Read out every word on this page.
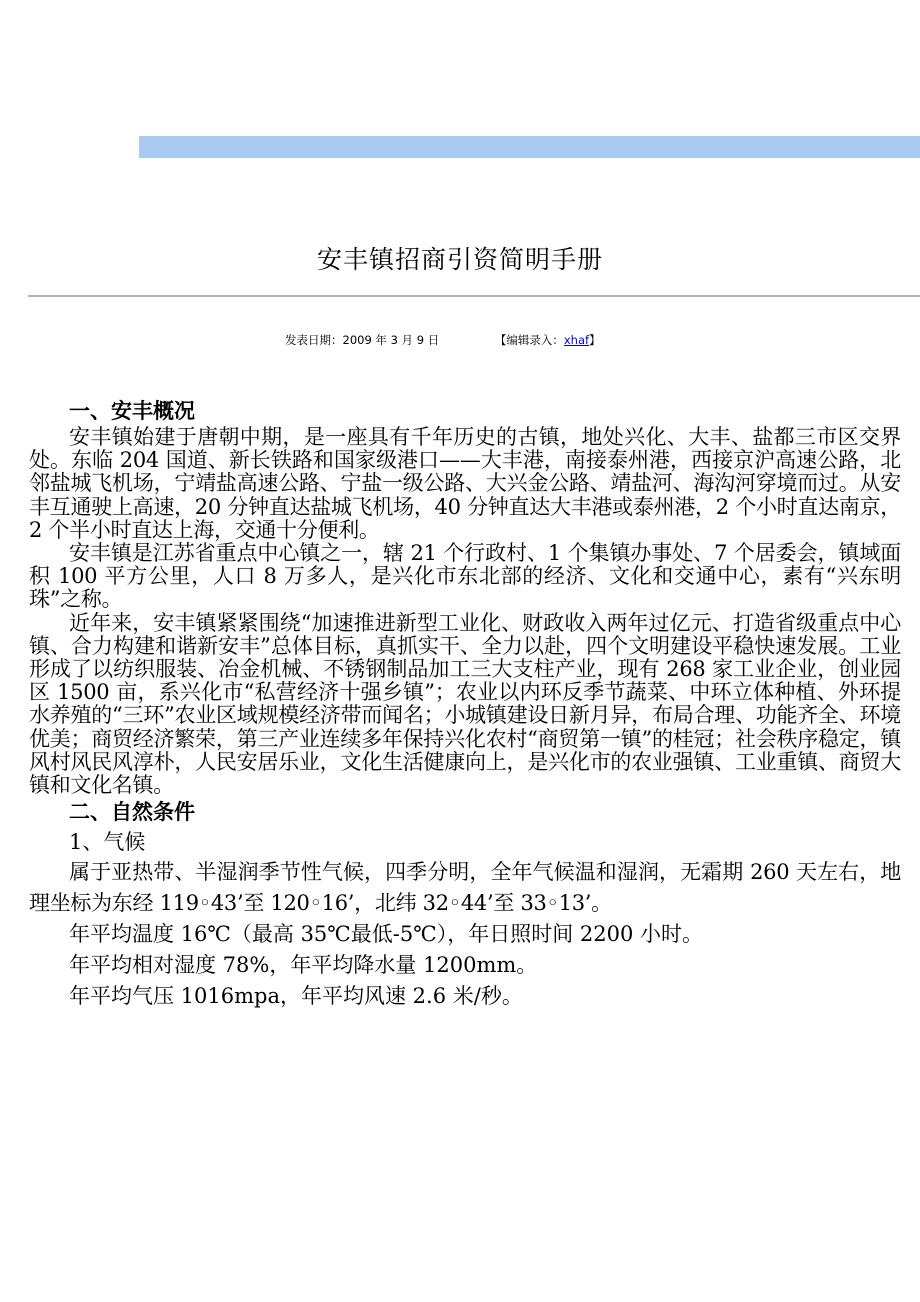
安丰镇招商引资简明手册
发表日期：2009 年 3 月 9 日	【编辑录入：xhaf】
一、安丰概况

安丰镇始建于唐朝中期，是一座具有千年历史的古镇，地处兴化、大丰、盐都三市区交界处。东临 204 国道、新长铁路和国家级港口——大丰港，南接泰州港，西接京沪高速公路，北邻盐城飞机场，宁靖盐高速公路、宁盐一级公路、大兴金公路、靖盐河、海沟河穿境而过。从安丰互通驶上高速，20 分钟直达盐城飞机场，40 分钟直达大丰港或泰州港，2 个小时直达南京，2 个半小时直达上海，交通十分便利。

安丰镇是江苏省重点中心镇之一，辖 21 个行政村、1 个集镇办事处、7 个居委会，镇域面积 100 平方公里，人口 8 万多人，是兴化市东北部的经济、文化和交通中心，素有“兴东明珠”之称。

近年来，安丰镇紧紧围绕“加速推进新型工业化、财政收入两年过亿元、打造省级重点中心镇、合力构建和谐新安丰”总体目标，真抓实干、全力以赴，四个文明建设平稳快速发展。工业形成了以纺织服装、冶金机械、不锈钢制品加工三大支柱产业，现有 268 家工业企业，创业园区 1500 亩，系兴化市“私营经济十强乡镇”；农业以内环反季节蔬菜、中环立体种植、外环提水养殖的“三环”农业区域规模经济带而闻名；小城镇建设日新月异，布局合理、功能齐全、环境优美；商贸经济繁荣，第三产业连续多年保持兴化农村“商贸第一镇”的桂冠；社会秩序稳定，镇风村风民风淳朴，人民安居乐业，文化生活健康向上，是兴化市的农业强镇、工业重镇、商贸大镇和文化名镇。

二、自然条件
1、气候

属于亚热带、半湿润季节性气候，四季分明，全年气候温和湿润，无霜期 260 天左右，地理坐标为东经 119◦43’至 120◦16’，北纬 32◦44’至 33◦13’。

年平均温度 16℃（最高 35℃最低-5℃），年日照时间 2200 小时。
年平均相对湿度 78%，年平均降水量 1200mm。
年平均气压 1016mpa，年平均风速 2.6 米/秒。
